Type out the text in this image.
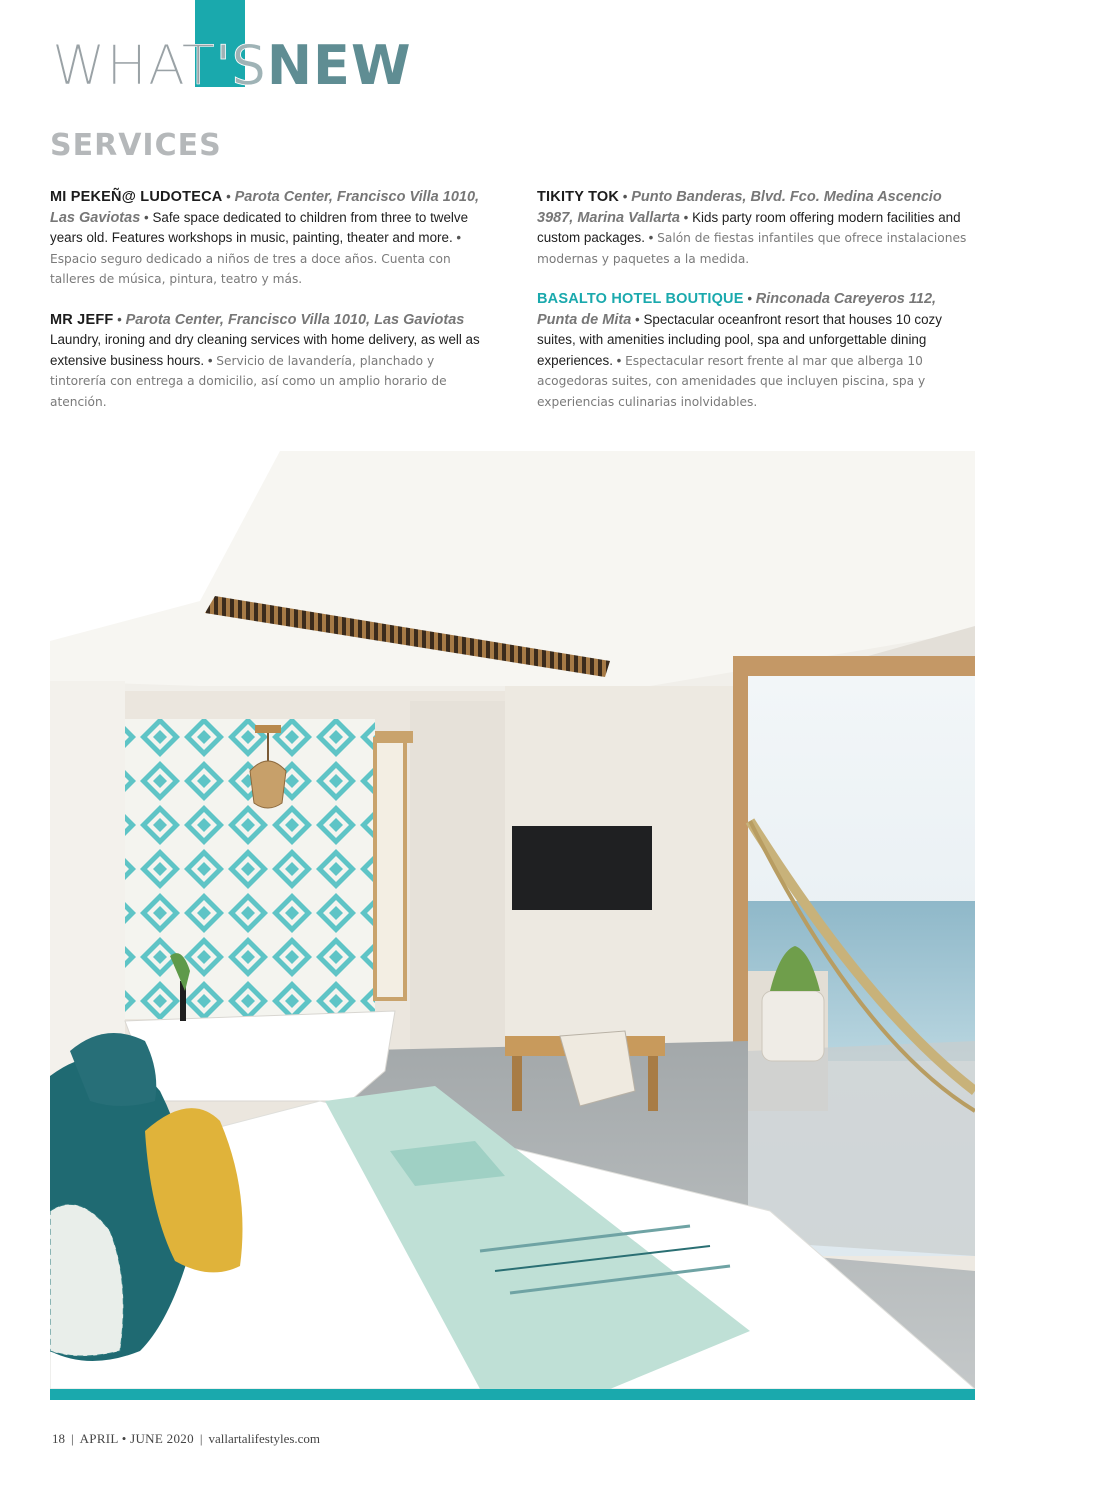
WHAT'SNEW
SERVICES

MI PEKEÑ@ LUDOTECA • Parota Center, Francisco Villa 1010, Las Gaviotas • Safe space dedicated to children from three to twelve years old. Features workshops in music, painting, theater and more. • Espacio seguro dedicado a niños de tres a doce años. Cuenta con talleres de música, pintura, teatro y más.

MR JEFF • Parota Center, Francisco Villa 1010, Las Gaviotas Laundry, ironing and dry cleaning services with home delivery, as well as extensive business hours. • Servicio de lavandería, planchado y tintorería con entrega a domicilio, así como un amplio horario de atención.

TIKITY TOK • Punto Banderas, Blvd. Fco. Medina Ascencio 3987, Marina Vallarta • Kids party room offering modern facilities and custom packages. • Salón de fiestas infantiles que ofrece instalaciones modernas y paquetes a la medida.

BASALTO HOTEL BOUTIQUE • Rinconada Careyeros 112, Punta de Mita • Spectacular oceanfront resort that houses 10 cozy suites, with amenities including pool, spa and unforgettable dining experiences. • Espectacular resort frente al mar que alberga 10 acogedoras suites, con amenidades que incluyen piscina, spa y experiencias culinarias inolvidables.

18 | APRIL • JUNE 2020 | vallartalifestyles.com
